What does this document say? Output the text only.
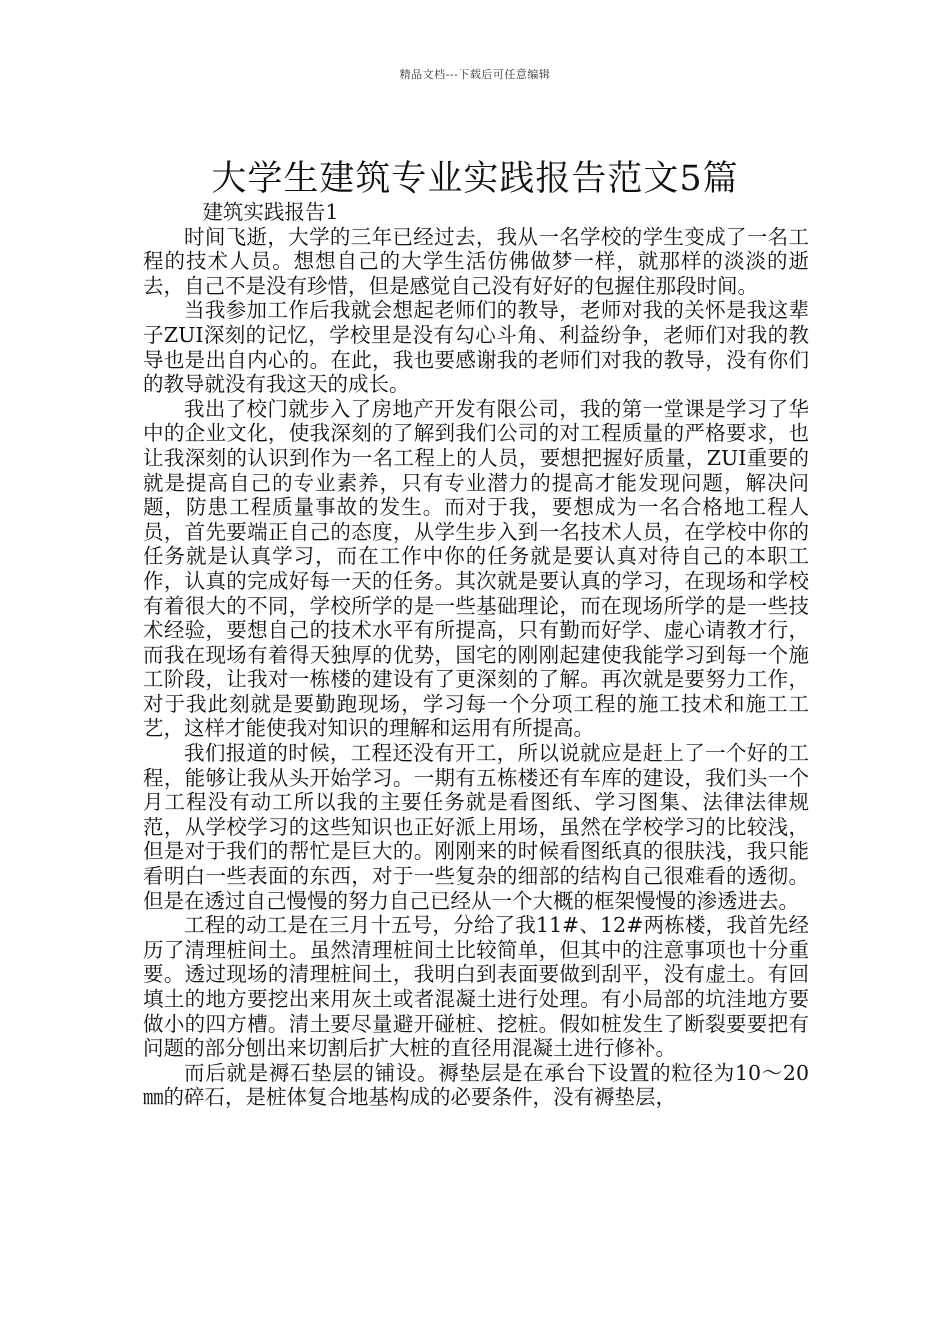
精品文档---下载后可任意编辑
大学生建筑专业实践报告范文5篇

建筑实践报告1

时间飞逝，大学的三年已经过去，我从一名学校的学生变成了一名工程的技术人员。想想自己的大学生活仿佛做梦一样，就那样的淡淡的逝去，自己不是没有珍惜，但是感觉自己没有好好的包握住那段时间。

当我参加工作后我就会想起老师们的教导，老师对我的关怀是我这辈子ZUI深刻的记忆，学校里是没有勾心斗角、利益纷争，老师们对我的教导也是出自内心的。在此，我也要感谢我的老师们对我的教导，没有你们的教导就没有我这天的成长。

我出了校门就步入了房地产开发有限公司，我的第一堂课是学习了华中的企业文化，使我深刻的了解到我们公司的对工程质量的严格要求，也让我深刻的认识到作为一名工程上的人员，要想把握好质量，ZUI重要的就是提高自己的专业素养，只有专业潜力的提高才能发现问题，解决问题，防患工程质量事故的发生。而对于我，要想成为一名合格地工程人员，首先要端正自己的态度，从学生步入到一名技术人员，在学校中你的任务就是认真学习，而在工作中你的任务就是要认真对待自己的本职工作，认真的完成好每一天的任务。其次就是要认真的学习，在现场和学校有着很大的不同，学校所学的是一些基础理论，而在现场所学的是一些技术经验，要想自己的技术水平有所提高，只有勤而好学、虚心请教才行，而我在现场有着得天独厚的优势，国宅的刚刚起建使我能学习到每一个施工阶段，让我对一栋楼的建设有了更深刻的了解。再次就是要努力工作，对于我此刻就是要勤跑现场，学习每一个分项工程的施工技术和施工工艺，这样才能使我对知识的理解和运用有所提高。

我们报道的时候，工程还没有开工，所以说就应是赶上了一个好的工程，能够让我从头开始学习。一期有五栋楼还有车库的建设，我们头一个月工程没有动工所以我的主要任务就是看图纸、学习图集、法律法律规范，从学校学习的这些知识也正好派上用场，虽然在学校学习的比较浅，但是对于我们的帮忙是巨大的。刚刚来的时候看图纸真的很肤浅，我只能看明白一些表面的东西，对于一些复杂的细部的结构自己很难看的透彻。但是在透过自己慢慢的努力自己已经从一个大概的框架慢慢的渗透进去。

工程的动工是在三月十五号，分给了我11#、12#两栋楼，我首先经历了清理桩间土。虽然清理桩间土比较简单，但其中的注意事项也十分重要。透过现场的清理桩间土，我明白到表面要做到刮平，没有虚土。有回填土的地方要挖出来用灰土或者混凝土进行处理。有小局部的坑洼地方要做小的四方槽。清土要尽量避开碰桩、挖桩。假如桩发生了断裂要要把有问题的部分刨出来切割后扩大桩的直径用混凝土进行修补。

而后就是褥石垫层的铺设。褥垫层是在承台下设置的粒径为10～20㎜的碎石，是桩体复合地基构成的必要条件，没有褥垫层，
